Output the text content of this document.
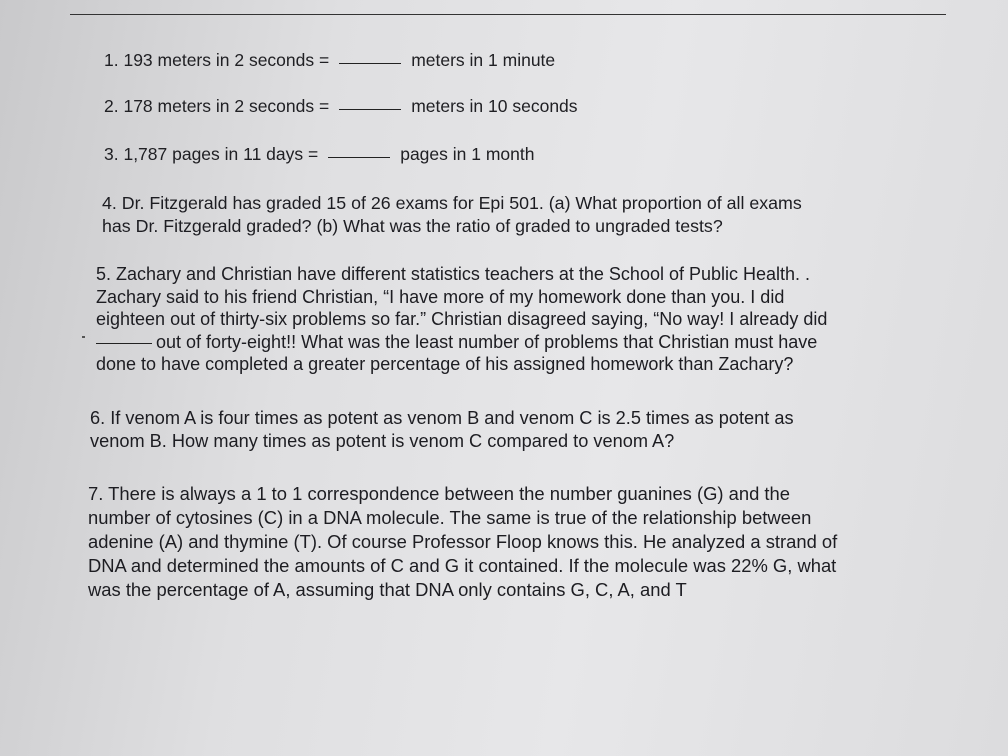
1. 193 meters in 2 seconds =	meters in 1 minute
2. 178 meters in 2 seconds =	meters in 10 seconds
3. 1,787 pages in 11 days =	pages in 1 month
4. Dr. Fitzgerald has graded 15 of 26 exams for Epi 501. (a) What proportion of all exams
has Dr. Fitzgerald graded? (b) What was the ratio of graded to ungraded tests?
5. Zachary and Christian have different statistics teachers at the School of Public Health. .
Zachary said to his friend Christian, “I have more of my homework done than you. I did
eighteen out of thirty-six problems so far.” Christian disagreed saying, “No way! I already did
out of forty-eight!! What was the least number of problems that Christian must have
done to have completed a greater percentage of his assigned homework than Zachary?
6. If venom A is four times as potent as venom B and venom C is 2.5 times as potent as
venom B. How many times as potent is venom C compared to venom A?
7. There is always a 1 to 1 correspondence between the number guanines (G) and the
number of cytosines (C) in a DNA molecule. The same is true of the relationship between
adenine (A) and thymine (T). Of course Professor Floop knows this. He analyzed a strand of
DNA and determined the amounts of C and G it contained. If the molecule was 22% G, what
was the percentage of A, assuming that DNA only contains G, C, A, and T
